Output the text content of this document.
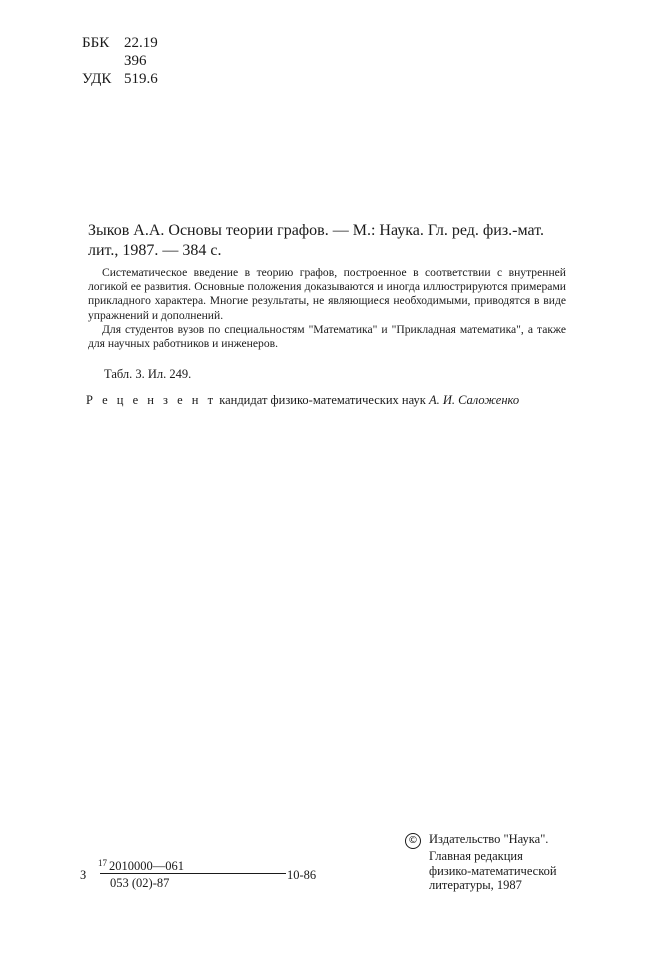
ББК 22.19
З96
УДК 519.6
Зыков А.А. Основы теории графов. — М.: Наука. Гл. ред. физ.-мат.
лит., 1987. — 384 с.

Систематическое введение в теорию графов, построенное в соответствии с внутренней логикой ее развития. Основные положения доказываются и иногда иллюстрируются примерами прикладного характера. Многие результаты, не являющиеся необходимыми, приводятся в виде упражнений и дополнений.

Для студентов вузов по специальностям "Математика" и "Прикладная математика", а также для научных работников и инженеров.

Табл. 3. Ил. 249.
Р е ц е н з е н т кандидат физико-математических наук А. И. Саложенко
З
$^{17}$ 2010000—061
053 (02)-87
10-86
© Издательство "Наука".
Главная редакция
физико-математической
литературы, 1987
